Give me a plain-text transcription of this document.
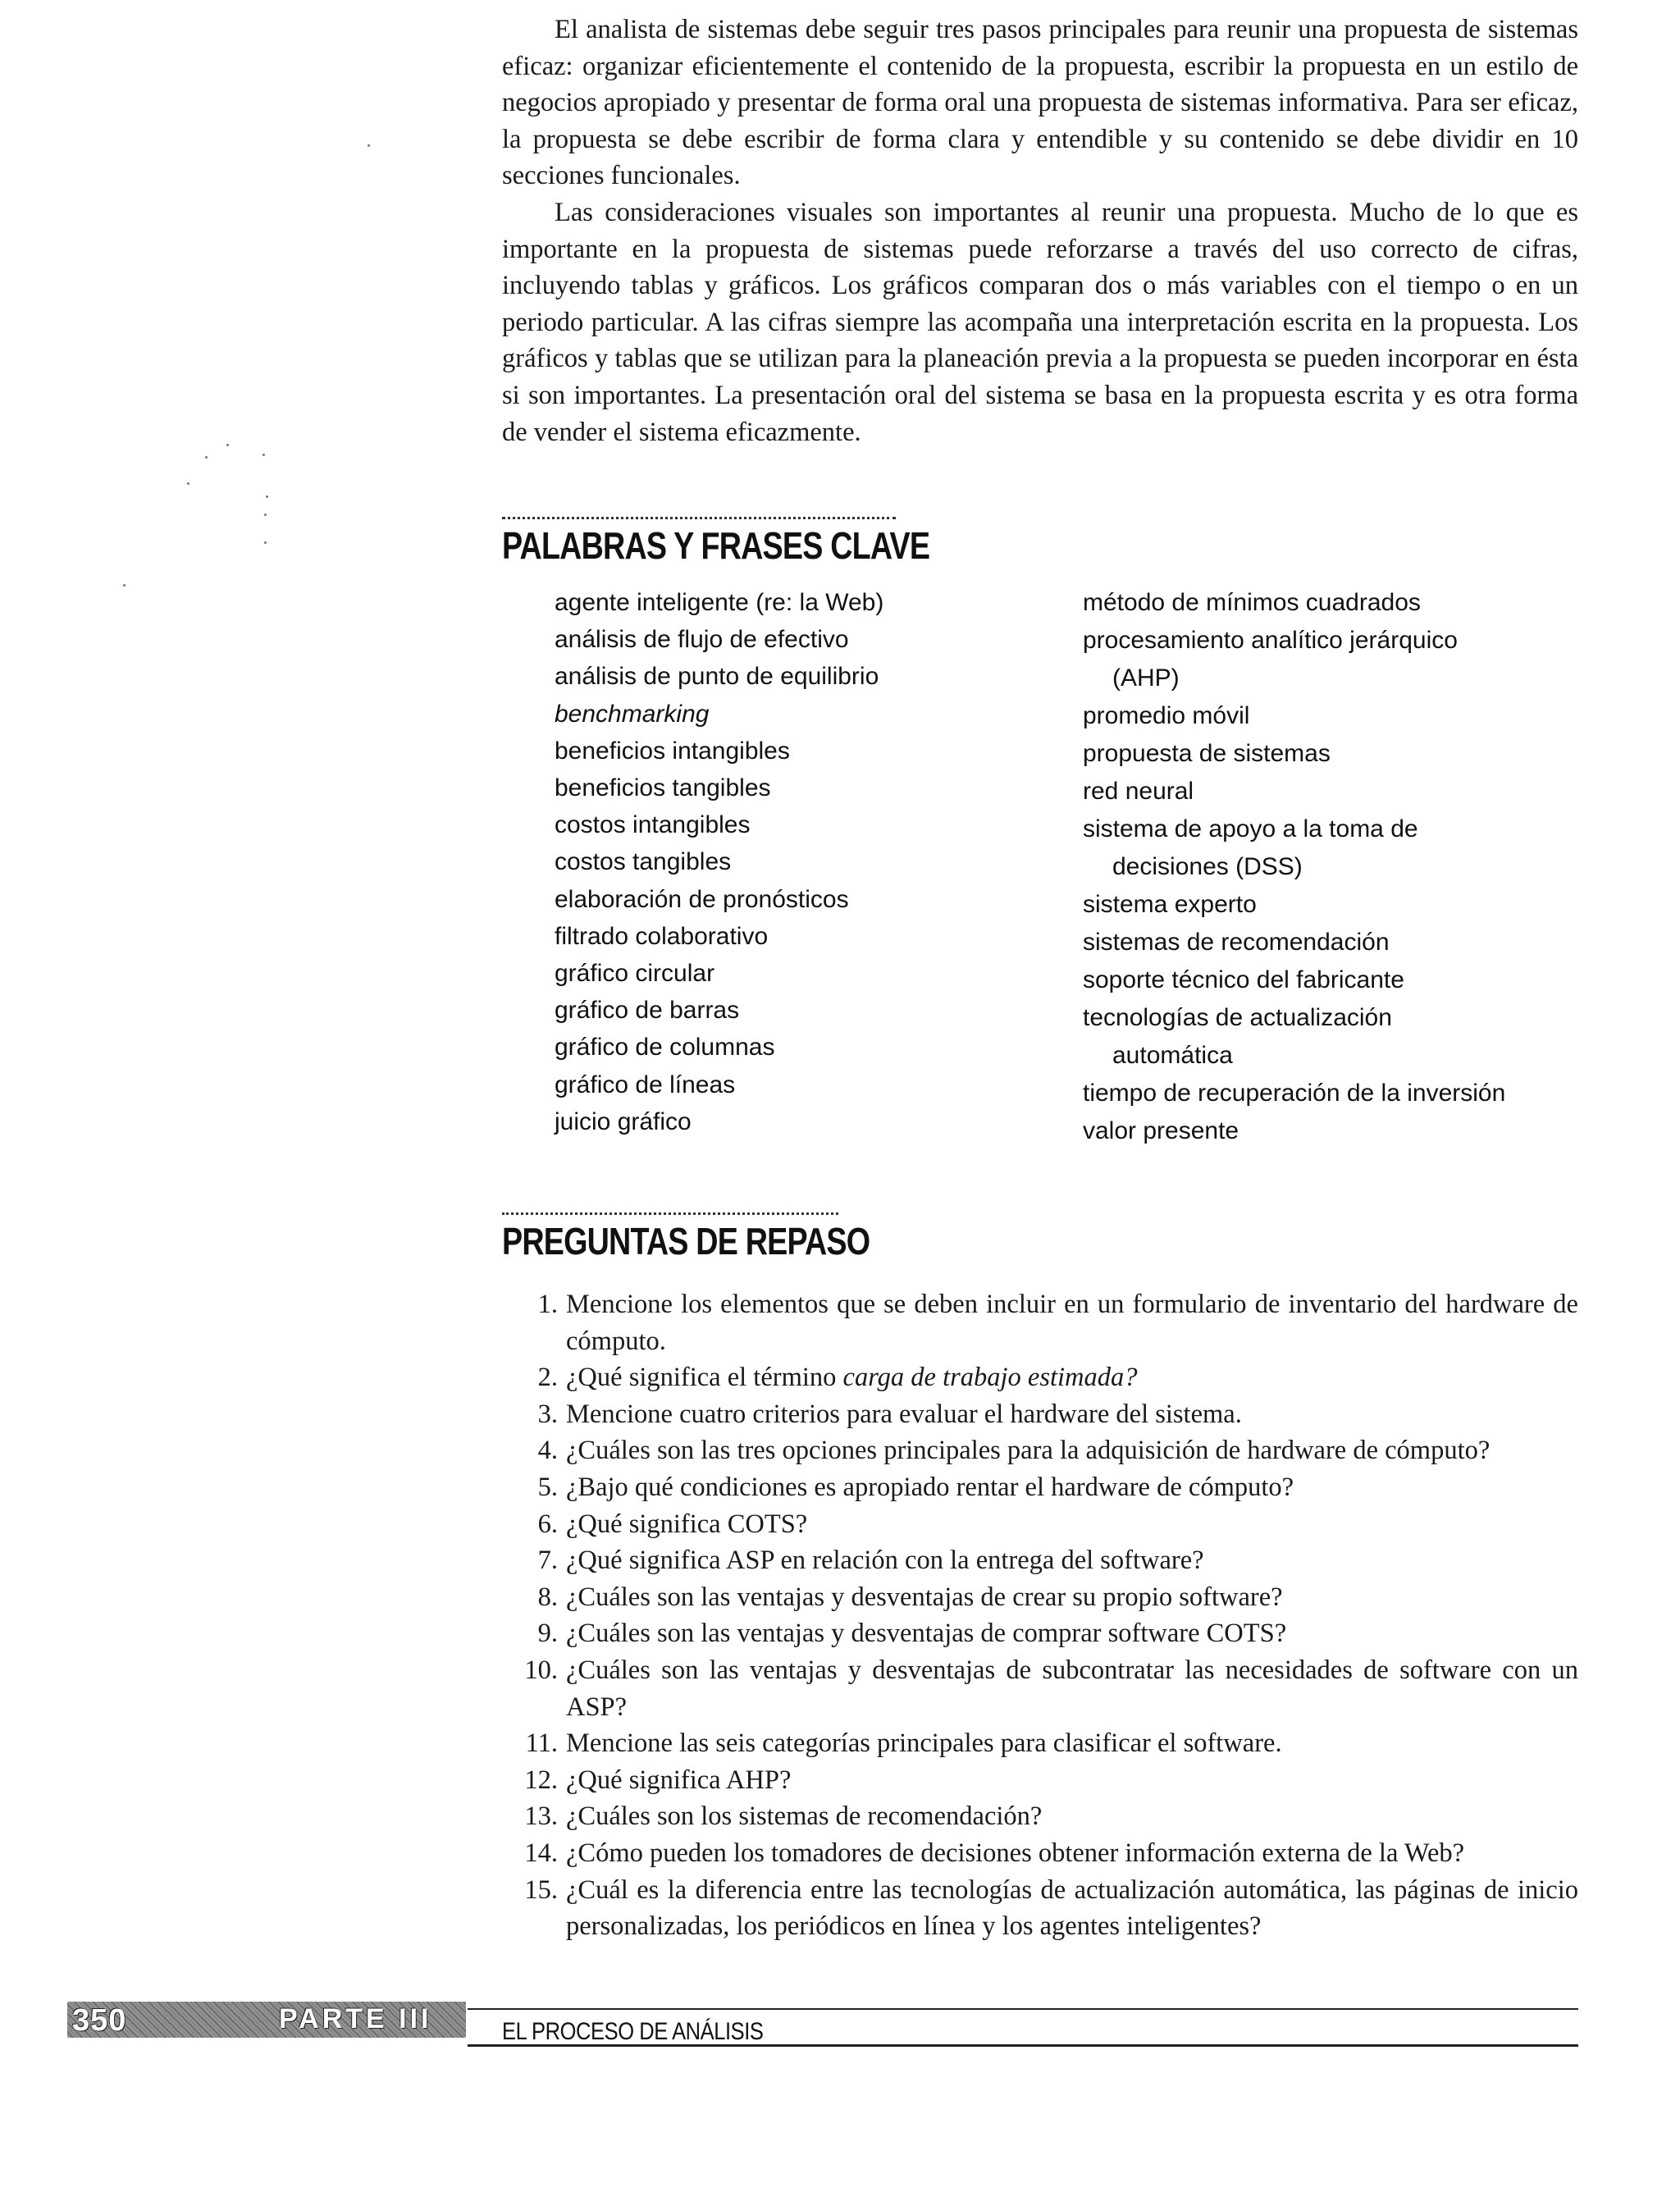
El analista de sistemas debe seguir tres pasos principales para reunir una propuesta de sistemas eficaz: organizar eficientemente el contenido de la propuesta, escribir la propuesta en un estilo de negocios apropiado y presentar de forma oral una propuesta de sistemas informativa. Para ser eficaz, la propuesta se debe escribir de forma clara y entendible y su contenido se debe dividir en 10 secciones funcionales.

Las consideraciones visuales son importantes al reunir una propuesta. Mucho de lo que es importante en la propuesta de sistemas puede reforzarse a través del uso correcto de cifras, incluyendo tablas y gráficos. Los gráficos comparan dos o más variables con el tiempo o en un periodo particular. A las cifras siempre las acompaña una interpretación escrita en la propuesta. Los gráficos y tablas que se utilizan para la planeación previa a la propuesta se pueden incorporar en ésta si son importantes. La presentación oral del sistema se basa en la propuesta escrita y es otra forma de vender el sistema eficazmente.

PALABRAS Y FRASES CLAVE
agente inteligente (re: la Web)
análisis de flujo de efectivo
análisis de punto de equilibrio
benchmarking
beneficios intangibles
beneficios tangibles
costos intangibles
costos tangibles
elaboración de pronósticos
filtrado colaborativo
gráfico circular
gráfico de barras
gráfico de columnas
gráfico de líneas
juicio gráfico
método de mínimos cuadrados
procesamiento analítico jerárquico
(AHP)
promedio móvil
propuesta de sistemas
red neural
sistema de apoyo a la toma de
decisiones (DSS)
sistema experto
sistemas de recomendación
soporte técnico del fabricante
tecnologías de actualización
automática
tiempo de recuperación de la inversión
valor presente
PREGUNTAS DE REPASO
1. Mencione los elementos que se deben incluir en un formulario de inventario del hardware de cómputo.
2. ¿Qué significa el término carga de trabajo estimada?
3. Mencione cuatro criterios para evaluar el hardware del sistema.
4. ¿Cuáles son las tres opciones principales para la adquisición de hardware de cómputo?
5. ¿Bajo qué condiciones es apropiado rentar el hardware de cómputo?
6. ¿Qué significa COTS?
7. ¿Qué significa ASP en relación con la entrega del software?
8. ¿Cuáles son las ventajas y desventajas de crear su propio software?
9. ¿Cuáles son las ventajas y desventajas de comprar software COTS?
10. ¿Cuáles son las ventajas y desventajas de subcontratar las necesidades de software con un ASP?
11. Mencione las seis categorías principales para clasificar el software.
12. ¿Qué significa AHP?
13. ¿Cuáles son los sistemas de recomendación?
14. ¿Cómo pueden los tomadores de decisiones obtener información externa de la Web?
15. ¿Cuál es la diferencia entre las tecnologías de actualización automática, las páginas de inicio personalizadas, los periódicos en línea y los agentes inteligentes?
350	PARTE III	EL PROCESO DE ANÁLISIS
